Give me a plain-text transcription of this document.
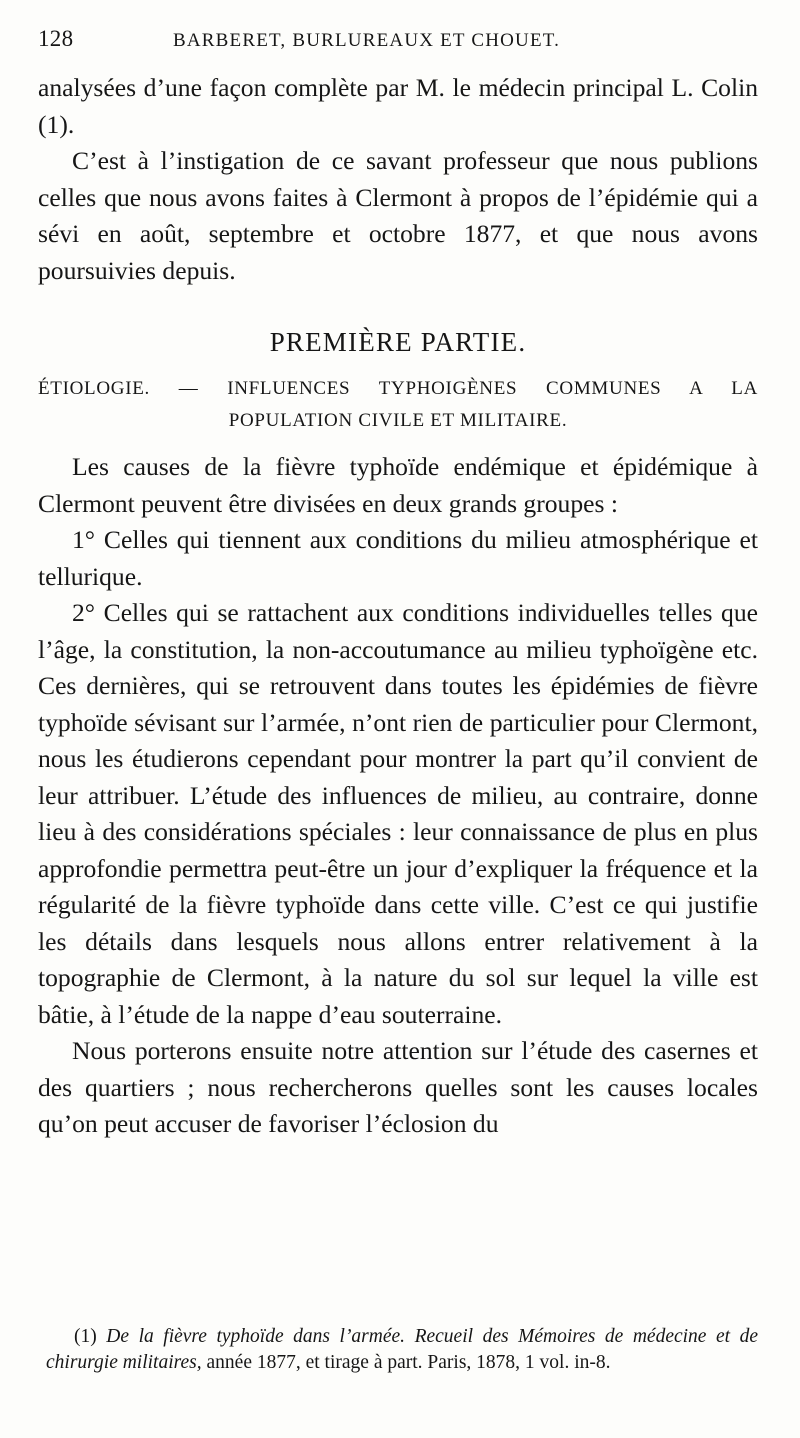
128	BARBERET, BURLUREAUX ET CHOUET.

analysées d’une façon complète par M. le médecin principal L. Colin (1).

C’est à l’instigation de ce savant professeur que nous publions celles que nous avons faites à Clermont à propos de l’épidémie qui a sévi en août, septembre et octobre 1877, et que nous avons poursuivies depuis.

PREMIÈRE PARTIE.
ÉTIOLOGIE. — INFLUENCES TYPHOIGÈNES COMMUNES A LA
POPULATION CIVILE ET MILITAIRE.

Les causes de la fièvre typhoïde endémique et épidémique à Clermont peuvent être divisées en deux grands groupes :

1° Celles qui tiennent aux conditions du milieu atmosphérique et tellurique.

2° Celles qui se rattachent aux conditions individuelles telles que l’âge, la constitution, la non-accoutumance au milieu typhoïgène etc. Ces dernières, qui se retrouvent dans toutes les épidémies de fièvre typhoïde sévisant sur l’armée, n’ont rien de particulier pour Clermont, nous les étudierons cependant pour montrer la part qu’il convient de leur attribuer. L’étude des influences de milieu, au contraire, donne lieu à des considérations spéciales : leur connaissance de plus en plus approfondie permettra peut-être un jour d’expliquer la fréquence et la régularité de la fièvre typhoïde dans cette ville. C’est ce qui justifie les détails dans lesquels nous allons entrer relativement à la topographie de Clermont, à la nature du sol sur lequel la ville est bâtie, à l’étude de la nappe d’eau souterraine.

Nous porterons ensuite notre attention sur l’étude des casernes et des quartiers ; nous rechercherons quelles sont les causes locales qu’on peut accuser de favoriser l’éclosion du

(1) De la fièvre typhoïde dans l’armée. Recueil des Mémoires de médecine et de chirurgie militaires, année 1877, et tirage à part. Paris, 1878, 1 vol. in-8.
